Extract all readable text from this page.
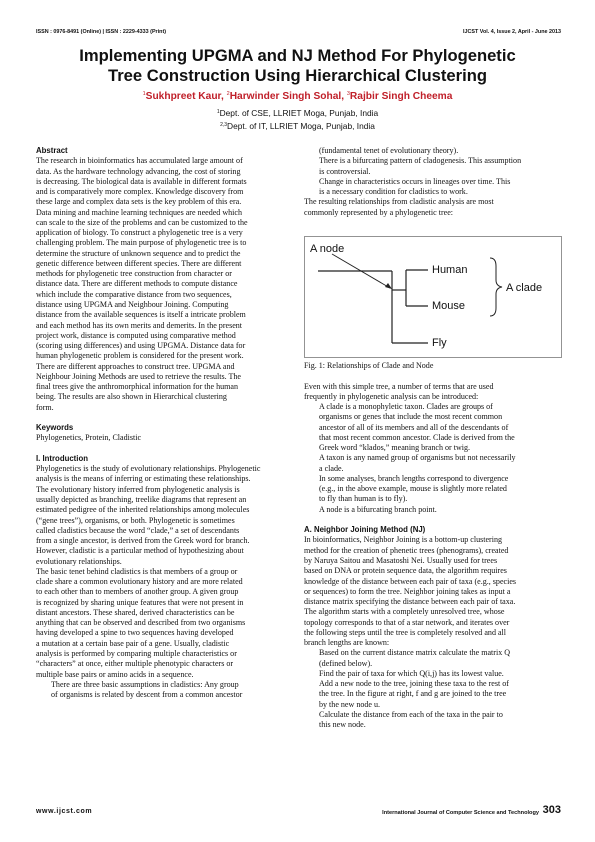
ISSN : 0976-8491 (Online) | ISSN : 2229-4333 (Print)	IJCST Vol. 4, Issue 2, April - June 2013
Implementing UPGMA and NJ Method For Phylogenetic
Tree Construction Using Hierarchical Clustering
$^1$Sukhpreet Kaur, $^2$Harwinder Singh Sohal, $^3$Rajbir Singh Cheema
$^1$Dept. of CSE, LLRIET Moga, Punjab, India
$^{2,3}$Dept. of IT, LLRIET Moga, Punjab, India
Abstract
The research in bioinformatics has accumulated large amount of
data. As the hardware technology advancing, the cost of storing
is decreasing. The biological data is available in different formats
and is comparatively more complex. Knowledge discovery from
these large and complex data sets is the key problem of this era.
Data mining and machine learning techniques are needed which
can scale to the size of the problems and can be customized to the
application of biology. To construct a phylogenetic tree is a very
challenging problem. The main purpose of phylogenetic tree is to
determine the structure of unknown sequence and to predict the
genetic difference between different species. There are different
methods for phylogenetic tree construction from character or
distance data. There are different methods to compute distance
which include the comparative distance from two sequences,
distance using UPGMA and Neighbour Joining. Computing
distance from the available sequences is itself a intricate problem
and each method has its own merits and demerits. In the present
project work, distance is computed using comparative method
(scoring using differences) and using UPGMA. Distance data for
human phylogenetic problem is considered for the present work.
There are different approaches to construct tree. UPGMA and
Neighbour Joining Methods are used to retrieve the results. The
final trees give the anthromorphical information for the human
being. The results are also shown in Hierarchical clustering
form.
Keywords
Phylogenetics, Protein, Cladistic
I. Introduction
Phylogenetics is the study of evolutionary relationships. Phylogenetic
analysis is the means of inferring or estimating these relationships.
The evolutionary history inferred from phylogenetic analysis is
usually depicted as branching, treelike diagrams that represent an
estimated pedigree of the inherited relationships among molecules
(“gene trees”), organisms, or both. Phylogenetic is sometimes
called cladistics because the word “clade,” a set of descendants
from a single ancestor, is derived from the Greek word for branch.
However, cladistic is a particular method of hypothesizing about
evolutionary relationships.
The basic tenet behind cladistics is that members of a group or
clade share a common evolutionary history and are more related
to each other than to members of another group. A given group
is recognized by sharing unique features that were not present in
distant ancestors. These shared, derived characteristics can be
anything that can be observed and described from two organisms
having developed a spine to two sequences having developed
a mutation at a certain base pair of a gene. Usually, cladistic
analysis is performed by comparing multiple characteristics or
“characters” at once, either multiple phenotypic characters or
multiple base pairs or amino acids in a sequence.
• There are three basic assumptions in cladistics: Any group
of organisms is related by descent from a common ancestor
(fundamental tenet of evolutionary theory).
• There is a bifurcating pattern of cladogenesis. This assumption
is controversial.
• Change in characteristics occurs in lineages over time. This
is a necessary condition for cladistics to work.
The resulting relationships from cladistic analysis are most
commonly represented by a phylogenetic tree:
A node
Human
Mouse
Fly
A clade
Fig. 1: Relationships of Clade and Node
Even with this simple tree, a number of terms that are used
frequently in phylogenetic analysis can be introduced:
• A clade is a monophyletic taxon. Clades are groups of
organisms or genes that include the most recent common
ancestor of all of its members and all of the descendants of
that most recent common ancestor. Clade is derived from the
Greek word “klados,” meaning branch or twig.
• A taxon is any named group of organisms but not necessarily
a clade.
• In some analyses, branch lengths correspond to divergence
(e.g., in the above example, mouse is slightly more related
to fly than human is to fly).
• A node is a bifurcating branch point.
A. Neighbor Joining Method (NJ)
In bioinformatics, Neighbor Joining is a bottom-up clustering
method for the creation of phenetic trees (phenograms), created
by Naruya Saitou and Masatoshi Nei. Usually used for trees
based on DNA or protein sequence data, the algorithm requires
knowledge of the distance between each pair of taxa (e.g., species
or sequences) to form the tree. Neighbor joining takes as input a
distance matrix specifying the distance between each pair of taxa.
The algorithm starts with a completely unresolved tree, whose
topology corresponds to that of a star network, and iterates over
the following steps until the tree is completely resolved and all
branch lengths are known:
• Based on the current distance matrix calculate the matrix Q
(defined below).
• Find the pair of taxa for which Q(i,j) has its lowest value.
Add a new node to the tree, joining these taxa to the rest of
the tree. In the figure at right, f and g are joined to the tree
by the new node u.
• Calculate the distance from each of the taxa in the pair to
this new node.
www.ijcst.com	International Journal of Computer Science and Technology 303
